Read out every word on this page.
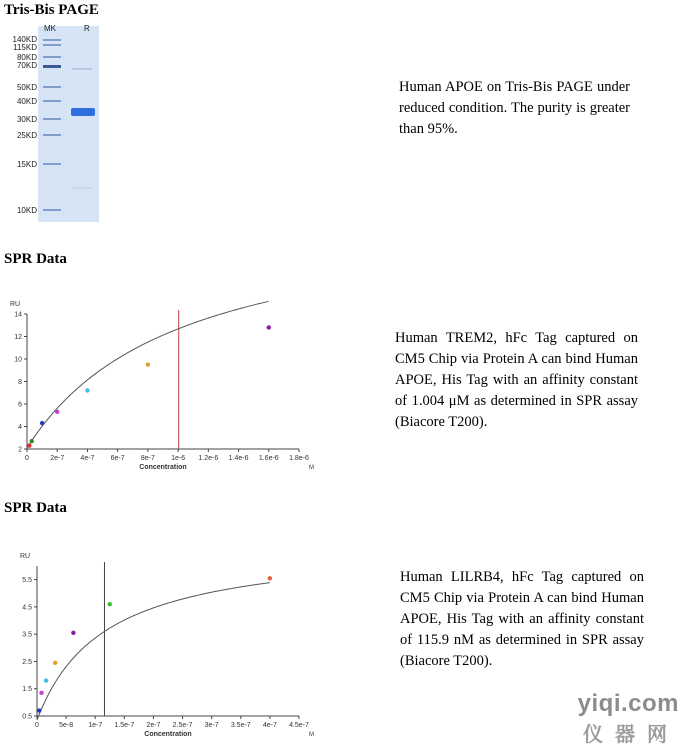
Tris-Bis PAGE
MK	R
140KD
115KD
80KD
70KD
50KD
40KD
30KD
25KD
15KD
10KD
Human APOE on Tris-Bis PAGE under reduced condition. The purity is greater than 95%.
SPR Data
2
4
6
8
10
12
14
0	2e-7 4e-7 6e-7 8e-7 1e-6 1.2e-6 1.4e-6 1.6e-6 1.8e-6
RU
Concentration	M
Human TREM2, hFc Tag captured on CM5 Chip via Protein A can bind Human APOE, His Tag with an affinity constant of 1.004 μM as determined in SPR assay (Biacore T200).
SPR Data
0.5
1.5
2.5
3.5
4.5
5.5
0	5e-8 1e-7 1.5e-7 2e-7 2.5e-7 3e-7 3.5e-7 4e-7 4.5e-7
RU
Concentration	M
Human LILRB4, hFc Tag captured on CM5 Chip via Protein A can bind Human APOE, His Tag with an affinity constant of 115.9 nM as determined in SPR assay (Biacore T200).
yiqi.com
仪器网
